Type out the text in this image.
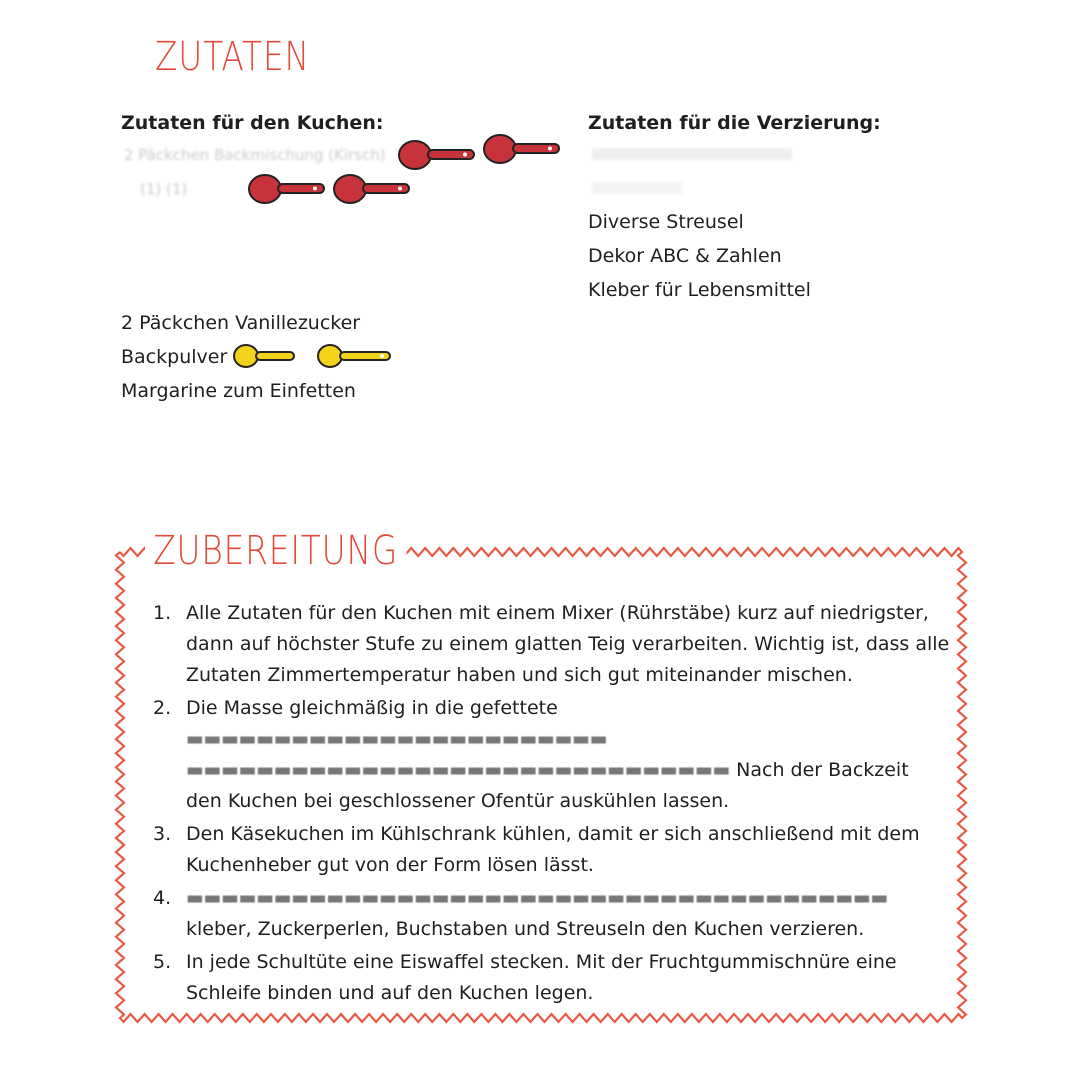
ZUTATEN
Zutaten für den Kuchen:	Zutaten für die Verzierung:
2 Päckchen Backmischung (Kirsch)
(1) (1)
2 Päckchen Vanillezucker
Backpulver
Margarine zum Einfetten
Diverse Streusel
Dekor ABC & Zahlen
Kleber für Lebensmittel
ZUBEREITUNG
1. Alle Zutaten für den Kuchen mit einem Mixer (Rührstäbe) kurz auf niedrigster, dann auf höchster Stufe zu einem glatten Teig verarbeiten. Wichtig ist, dass alle Zutaten Zimmertemperatur haben und sich gut miteinander mischen.
2. Die Masse gleichmäßig in die gefettete ▬▬▬▬▬▬▬▬▬▬▬▬▬▬▬▬▬▬▬▬▬▬▬▬ ▬▬▬▬▬▬▬▬▬▬▬▬▬▬▬▬▬▬▬▬▬▬▬▬▬▬▬▬▬▬▬ Nach der Backzeit den Kuchen bei geschlossener Ofentür auskühlen lassen.
3. Den Käsekuchen im Kühlschrank kühlen, damit er sich anschließend mit dem Kuchenheber gut von der Form lösen lässt.
4. ▬▬▬▬▬▬▬▬▬▬▬▬▬▬▬▬▬▬▬▬▬▬▬▬▬▬▬▬▬▬▬▬▬▬▬▬▬▬▬▬
kleber, Zuckerperlen, Buchstaben und Streuseln den Kuchen verzieren.
5. In jede Schultüte eine Eiswaffel stecken. Mit der Fruchtgummischnüre eine Schleife binden und auf den Kuchen legen.
